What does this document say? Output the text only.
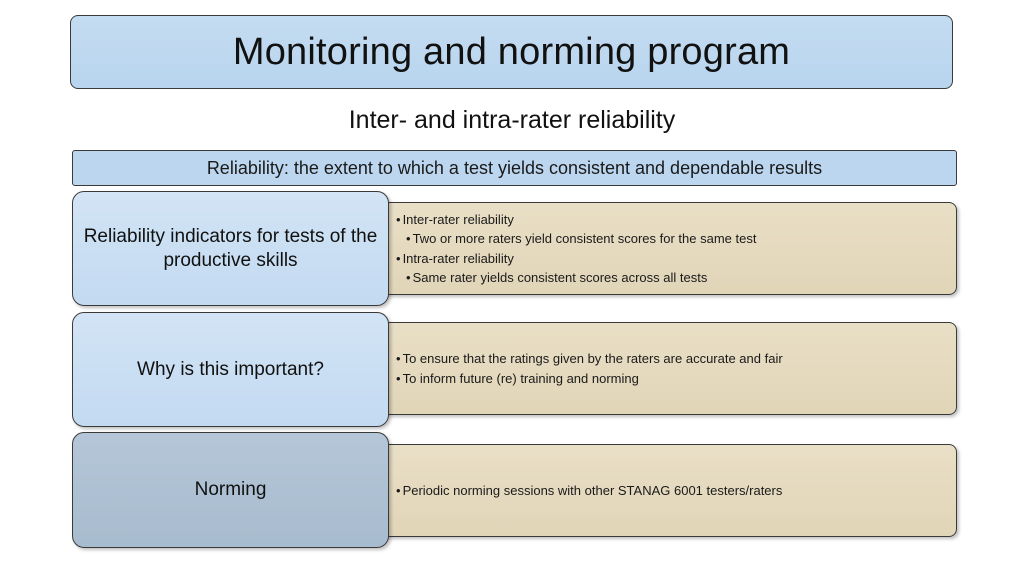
Monitoring and norming program
Inter- and intra-rater reliability
Reliability: the extent to which a test yields consistent and dependable results
Reliability indicators for tests of the productive skills
• Inter-rater reliability
• Two or more raters yield consistent scores for the same test
• Intra-rater reliability
• Same rater yields consistent scores across all tests
Why is this important?	• To ensure that the ratings given by the raters are accurate and fair
• To inform future (re) training and norming
Norming	• Periodic norming sessions with other STANAG 6001 testers/raters
